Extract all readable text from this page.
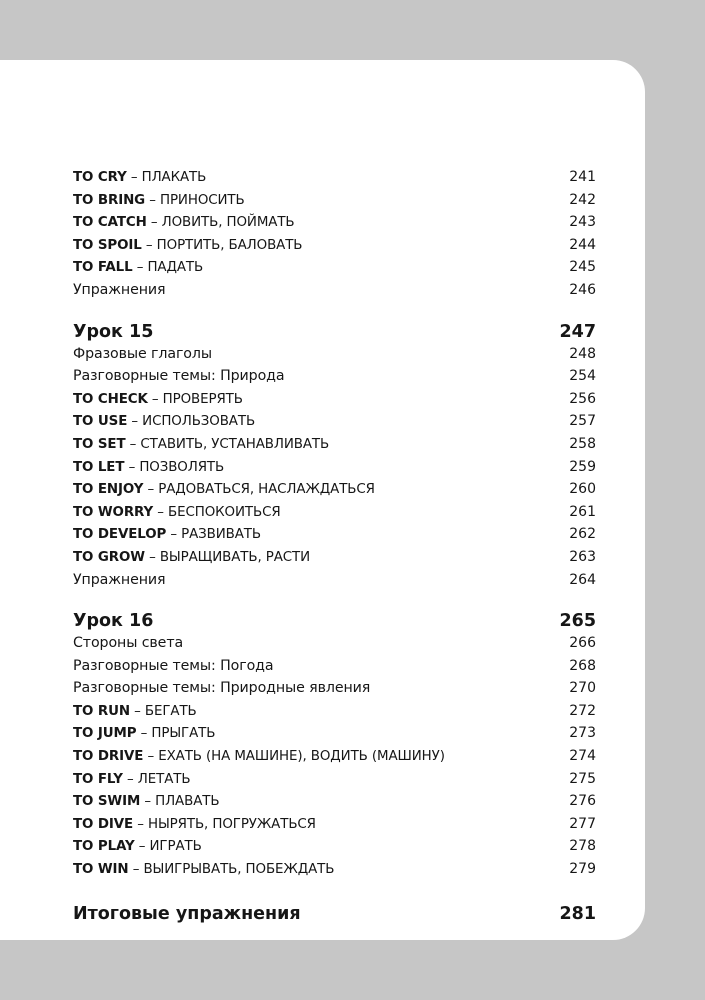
TO CRY – ПЛАКАТЬ	241
TO BRING – ПРИНОСИТЬ	242
TO CATCH – ЛОВИТЬ, ПОЙМАТЬ	243
TO SPOIL – ПОРТИТЬ, БАЛОВАТЬ	244
TO FALL – ПАДАТЬ	245
Упражнения	246
Урок 15	247
Фразовые глаголы	248
Разговорные темы: Природа	254
TO CHECK – ПРОВЕРЯТЬ	256
TO USE – ИСПОЛЬЗОВАТЬ	257
TO SET – СТАВИТЬ, УСТАНАВЛИВАТЬ	258
TO LET – ПОЗВОЛЯТЬ	259
TO ENJOY – РАДОВАТЬСЯ, НАСЛАЖДАТЬСЯ	260
TO WORRY – БЕСПОКОИТЬСЯ	261
TO DEVELOP – РАЗВИВАТЬ	262
TO GROW – ВЫРАЩИВАТЬ, РАСТИ	263
Упражнения	264
Урок 16	265
Стороны света	266
Разговорные темы: Погода	268
Разговорные темы: Природные явления	270
TO RUN – БЕГАТЬ	272
TO JUMP – ПРЫГАТЬ	273
TO DRIVE – ЕХАТЬ (НА МАШИНЕ), ВОДИТЬ (МАШИНУ)	274
TO FLY – ЛЕТАТЬ	275
TO SWIM – ПЛАВАТЬ	276
TO DIVE – НЫРЯТЬ, ПОГРУЖАТЬСЯ	277
TO PLAY – ИГРАТЬ	278
TO WIN – ВЫИГРЫВАТЬ, ПОБЕЖДАТЬ	279
Итоговые упражнения	281
